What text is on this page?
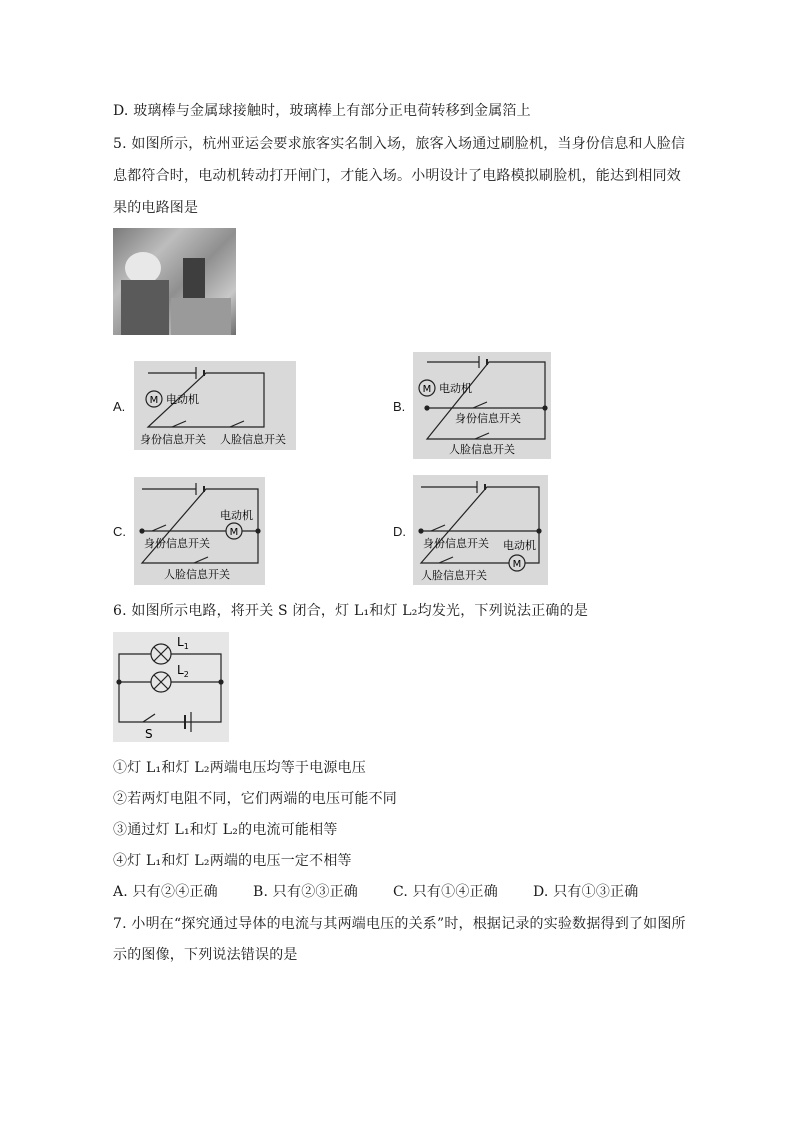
D. 玻璃棒与金属球接触时，玻璃棒上有部分正电荷转移到金属箔上
5. 如图所示，杭州亚运会要求旅客实名制入场，旅客入场通过刷脸机，当身份信息和人脸信
息都符合时，电动机转动打开闸门，才能入场。小明设计了电路模拟刷脸机，能达到相同效
果的电路图是
A. M 电动机
身份信息开关 人脸信息开关
B.
M 电动机
身份信息开关
人脸信息开关
C.	M
电动机
身份信息开关
人脸信息开关
D.
M
电动机
身份信息开关
人脸信息开关
6. 如图所示电路，将开关 S 闭合，灯 L₁和灯 L₂均发光，下列说法正确的是
$L_1$
$L_2$
S
①灯 L₁和灯 L₂两端电压均等于电源电压
②若两灯电阻不同，它们两端的电压可能不同
③通过灯 L₁和灯 L₂的电流可能相等
④灯 L₁和灯 L₂两端的电压一定不相等
A. 只有②④正确	B. 只有②③正确	C. 只有①④正确	D. 只有①③正确
7. 小明在“探究通过导体的电流与其两端电压的关系”时，根据记录的实验数据得到了如图所
示的图像，下列说法错误的是
